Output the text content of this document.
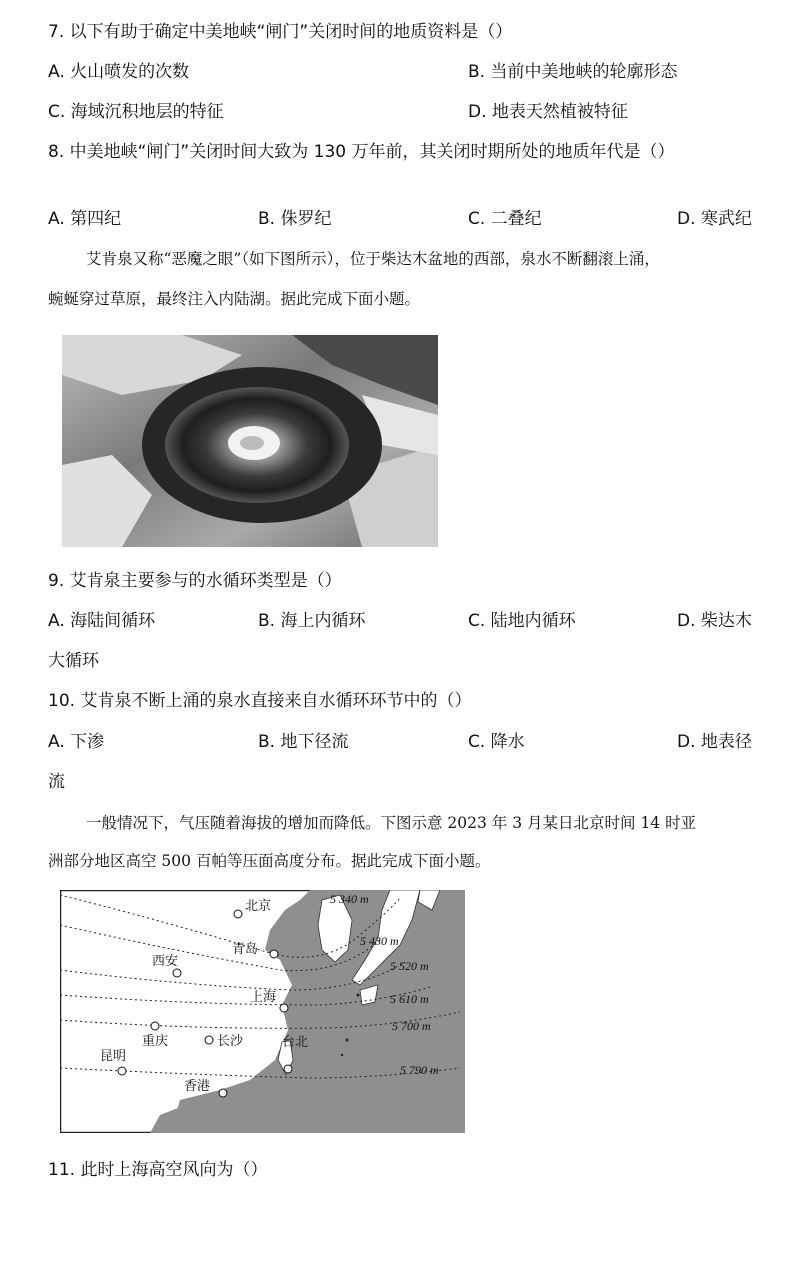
7. 以下有助于确定中美地峡“闸门”关闭时间的地质资料是（）
A. 火山喷发的次数	B. 当前中美地峡的轮廓形态
C. 海域沉积地层的特征	D. 地表天然植被特征
8. 中美地峡“闸门”关闭时间大致为 130 万年前，其关闭时期所处的地质年代是（）
A. 第四纪	B. 侏罗纪	C. 二叠纪	D. 寒武纪
艾肯泉又称“恶魔之眼”（如下图所示），位于柴达木盆地的西部，泉水不断翻滚上涌，
蜿蜒穿过草原，最终注入内陆湖。据此完成下面小题。
9. 艾肯泉主要参与的水循环类型是（）
A. 海陆间循环	B. 海上内循环	C. 陆地内循环	D. 柴达木
大循环
10. 艾肯泉不断上涌的泉水直接来自水循环环节中的（）
A. 下渗	B. 地下径流	C. 降水	D. 地表径
流
一般情况下，气压随着海拔的增加而降低。下图示意 2023 年 3 月某日北京时间 14 时亚
洲部分地区高空 500 百帕等压面高度分布。据此完成下面小题。
5 340 m
5 430 m
5 520 m
5 610 m
5 700 m
5 790 m
北京
青岛
西安
上海
重庆	长沙
昆明
台北
香港
11. 此时上海高空风向为（）
